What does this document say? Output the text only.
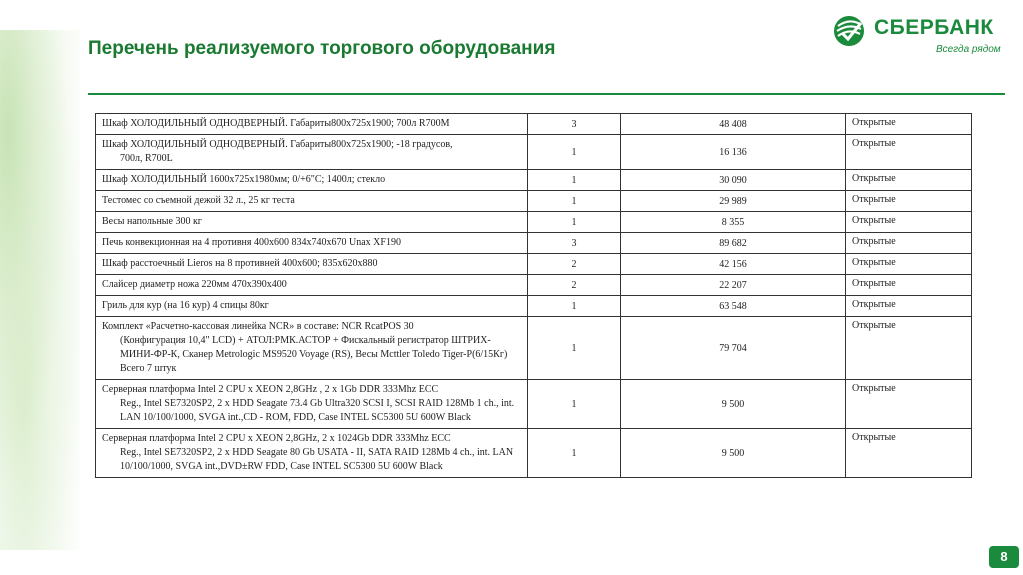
Перечень реализуемого торгового оборудования
СБЕРБАНК
Всегда рядом
Шкаф ХОЛОДИЛЬНЫЙ ОДНОДВЕРНЫЙ. Габариты800х725х1900; 700л R700M	3	48 408	Открытые
Шкаф ХОЛОДИЛЬНЫЙ ОДНОДВЕРНЫЙ. Габариты800х725х1900; -18 градусов,
700л, R700L	1	16 136	Открытые
Шкаф ХОЛОДИЛЬНЫЙ 1600х725х1980мм; 0/+6"С; 1400л; стекло	1	30 090	Открытые
Тестомес со съемной дежой 32 л., 25 кг теста	1	29 989	Открытые
Весы напольные 300 кг	1	8 355	Открытые
Печь конвекционная на 4 противня 400х600 834х740х670 Unax XF190	3	89 682	Открытые
Шкаф расстоечный Lieros на 8 противней 400х600; 835х620х880	2	42 156	Открытые
Слайсер диаметр ножа 220мм 470х390х400	2	22 207	Открытые
Гриль для кур (на 16 кур) 4 спицы 80кг	1	63 548	Открытые
Комплект «Расчетно-кассовая линейка NCR» в составе: NCR RcatPOS 30
(Конфигурация 10,4" LCD) + АТОЛ:РМК.АСТОР + Фискальный регистратор ШТРИХ-МИНИ-ФР-К, Сканер Metrologic MS9520 Voyage (RS), Весы Mcttler Toledo Tiger-P(6/15Кг) Всего 7 штук	1	79 704	Открытые
Серверная платформа Intel 2 CPU x XEON 2,8GHz , 2 x 1Gb DDR 333Mhz ECC
Reg., Intel SE7320SP2, 2 x HDD Seagate 73.4 Gb Ultra320 SCSI I, SCSI RAID 128Mb 1 ch., int. LAN 10/100/1000, SVGA int.,CD - ROM, FDD, Case INTEL SC5300 5U 600W Black	1	9 500	Открытые
Серверная платформа Intel 2 CPU x XEON 2,8GHz, 2 x 1024Gb DDR 333Mhz ECC
Reg., Intel SE7320SP2, 2 x HDD Seagate 80 Gb USATA - II, SATA RAID 128Mb 4 ch., int. LAN 10/100/1000, SVGA int.,DVD±RW FDD, Case INTEL SC5300 5U 600W Black	1	9 500	Открытые
8
